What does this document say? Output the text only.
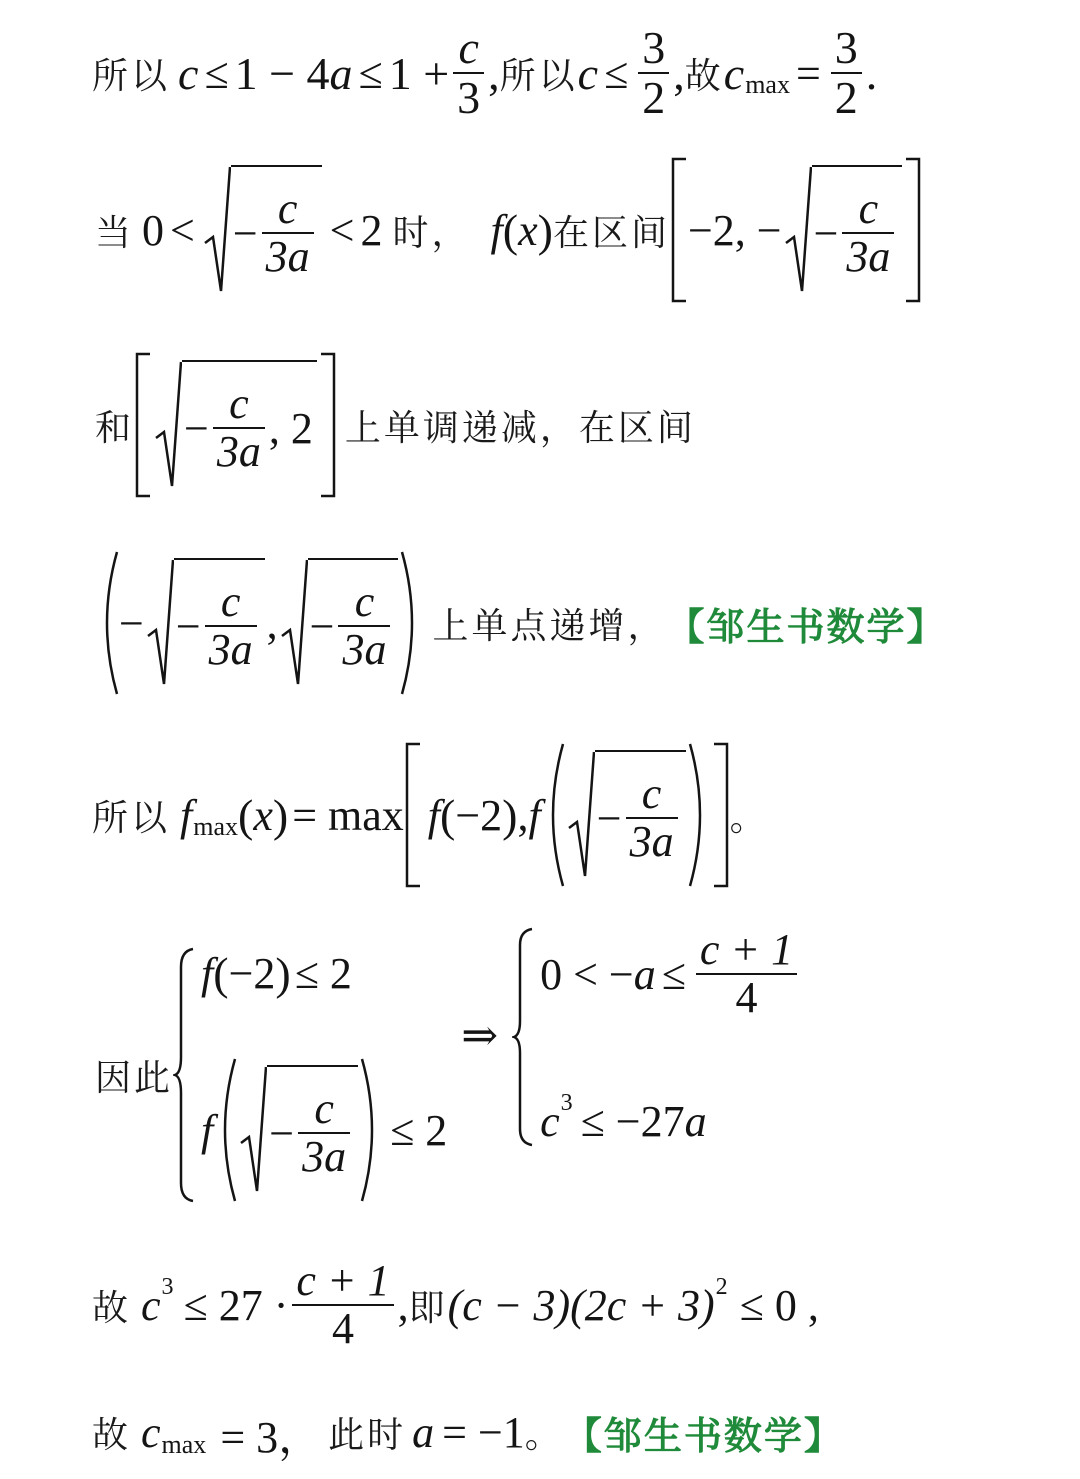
所以 c ≤ 1 − 4 $a \le 1 + \frac{c}{3}$ , 所以 $c \le \frac{3}{2}$ , 故 c $\max = \frac{3}{2}$ .
当 0 < − $\frac{c}{3a} < 2$ 时， f ( x ) 在区间 −2, − − $\frac{c}{3a}$
和 − $\frac{c}{3a}$ , 2 上单调递减，在区间
− − $\frac{c}{3a}$ , − $\frac{c}{3a}$ 上单点递增， 【邹生书数学】
所以 f max ( x ) = max f ( −2 ) , $f - \frac{c}{3a}$ 。
因此
f ( −2 ) ≤ 2
$f - \frac{c}{3a} \le 2$
⇒
0 < − $a \le \frac{c + 1}{4}$
c 3 ≤ −27 a
故 c $3 \le 27 \cdot \frac{c + 1}{4}$ , 即 (c − 3)(2c + 3) 2 ≤ 0 ,
故 c max = 3， 此时 a = −1 。 【邹生书数学】
